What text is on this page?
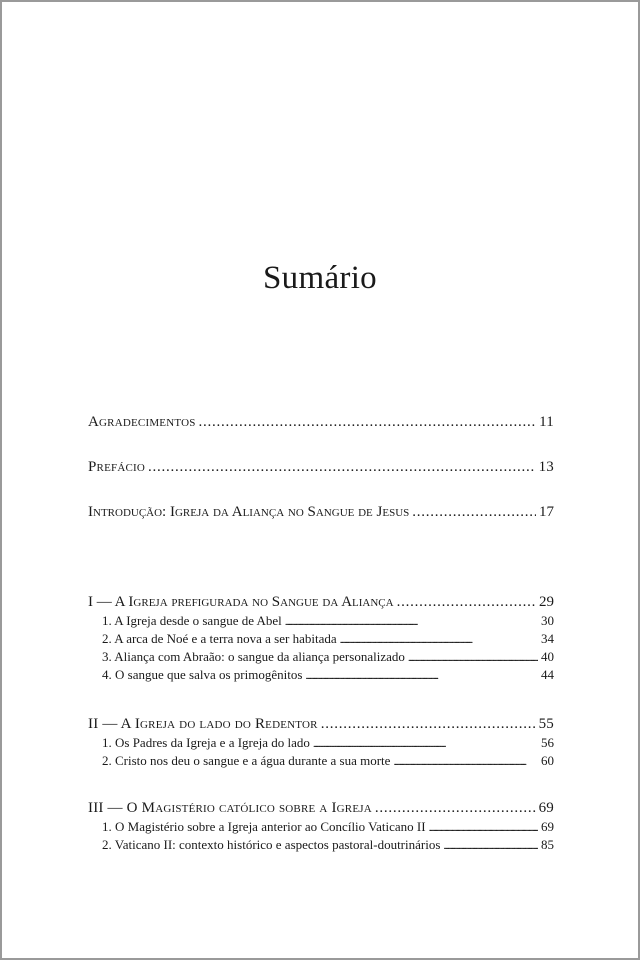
Sumário
Agradecimentos . . .	11
Prefácio . . .	13
Introdução: Igreja da Aliança no Sangue de Jesus . . .	17
I — A Igreja prefigurada no Sangue da Aliança . . .	29
1. A Igreja desde o sangue de Abel . . .	30
2. A arca de Noé e a terra nova a ser habitada . . .	34
3. Aliança com Abraão: o sangue da aliança personalizado . . .	40
4. O sangue que salva os primogênitos . . .	44
II — A Igreja do lado do Redentor . . .	55
1. Os Padres da Igreja e a Igreja do lado . . .	56
2. Cristo nos deu o sangue e a água durante a sua morte . . .	60
III — O Magistério católico sobre a Igreja . . .	69
1. O Magistério sobre a Igreja anterior ao Concílio Vaticano II . . .	69
2. Vaticano II: contexto histórico e aspectos pastoral-doutrinários . . .	85
